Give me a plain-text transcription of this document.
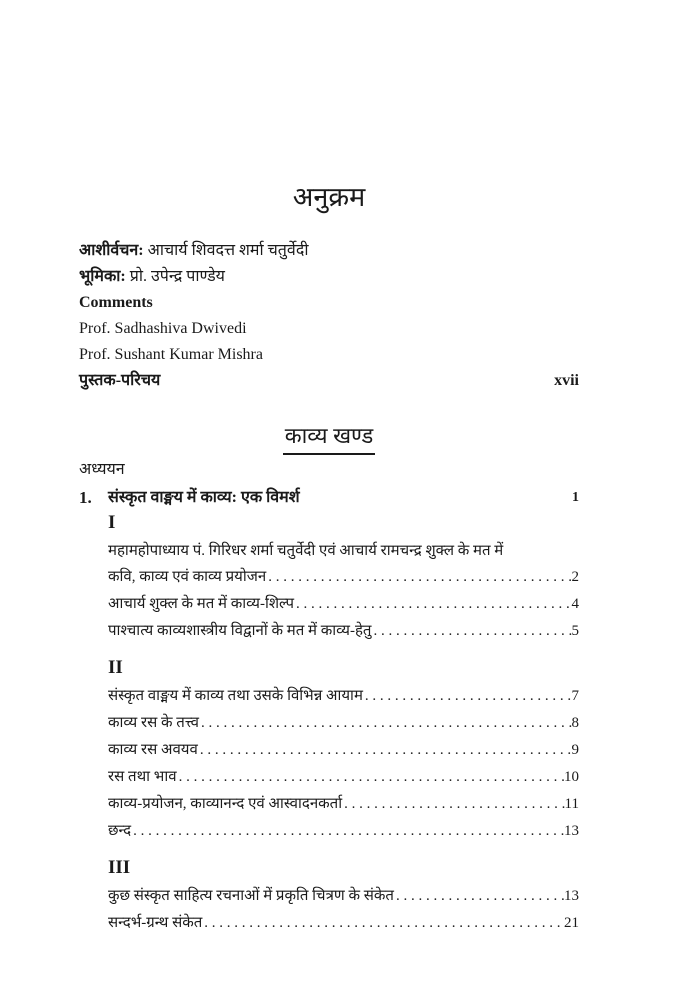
अनुक्रम
आशीर्वचन: आचार्य शिवदत्त शर्मा चतुर्वेदी
भूमिका: प्रो. उपेन्द्र पाण्डेय
Comments
Prof. Sadhashiva Dwivedi
Prof. Sushant Kumar Mishra
पुस्तक-परिचय	xvii
काव्य खण्ड
अध्ययन
1.	संस्कृत वाङ्मय में काव्य: एक विमर्श	1
I
महामहोपाध्याय पं. गिरिधर शर्मा चतुर्वेदी एवं आचार्य रामचन्द्र शुक्ल के मत में
कवि, काव्य एवं काव्य प्रयोजन . . .	2
आचार्य शुक्ल के मत में काव्य-शिल्प . . .	4
पाश्चात्य काव्यशास्त्रीय विद्वानों के मत में काव्य-हेतु . . .	5
II
संस्कृत वाङ्मय में काव्य तथा उसके विभिन्न आयाम . . .	7
काव्य रस के तत्त्व . . .	8
काव्य रस अवयव . . .	9
रस तथा भाव . . .	10
काव्य-प्रयोजन, काव्यानन्द एवं आस्वादनकर्ता . . .	11
छन्द . . .	13
III
कुछ संस्कृत साहित्य रचनाओं में प्रकृति चित्रण के संकेत . . .	13
सन्दर्भ-ग्रन्थ संकेत . . .	21
